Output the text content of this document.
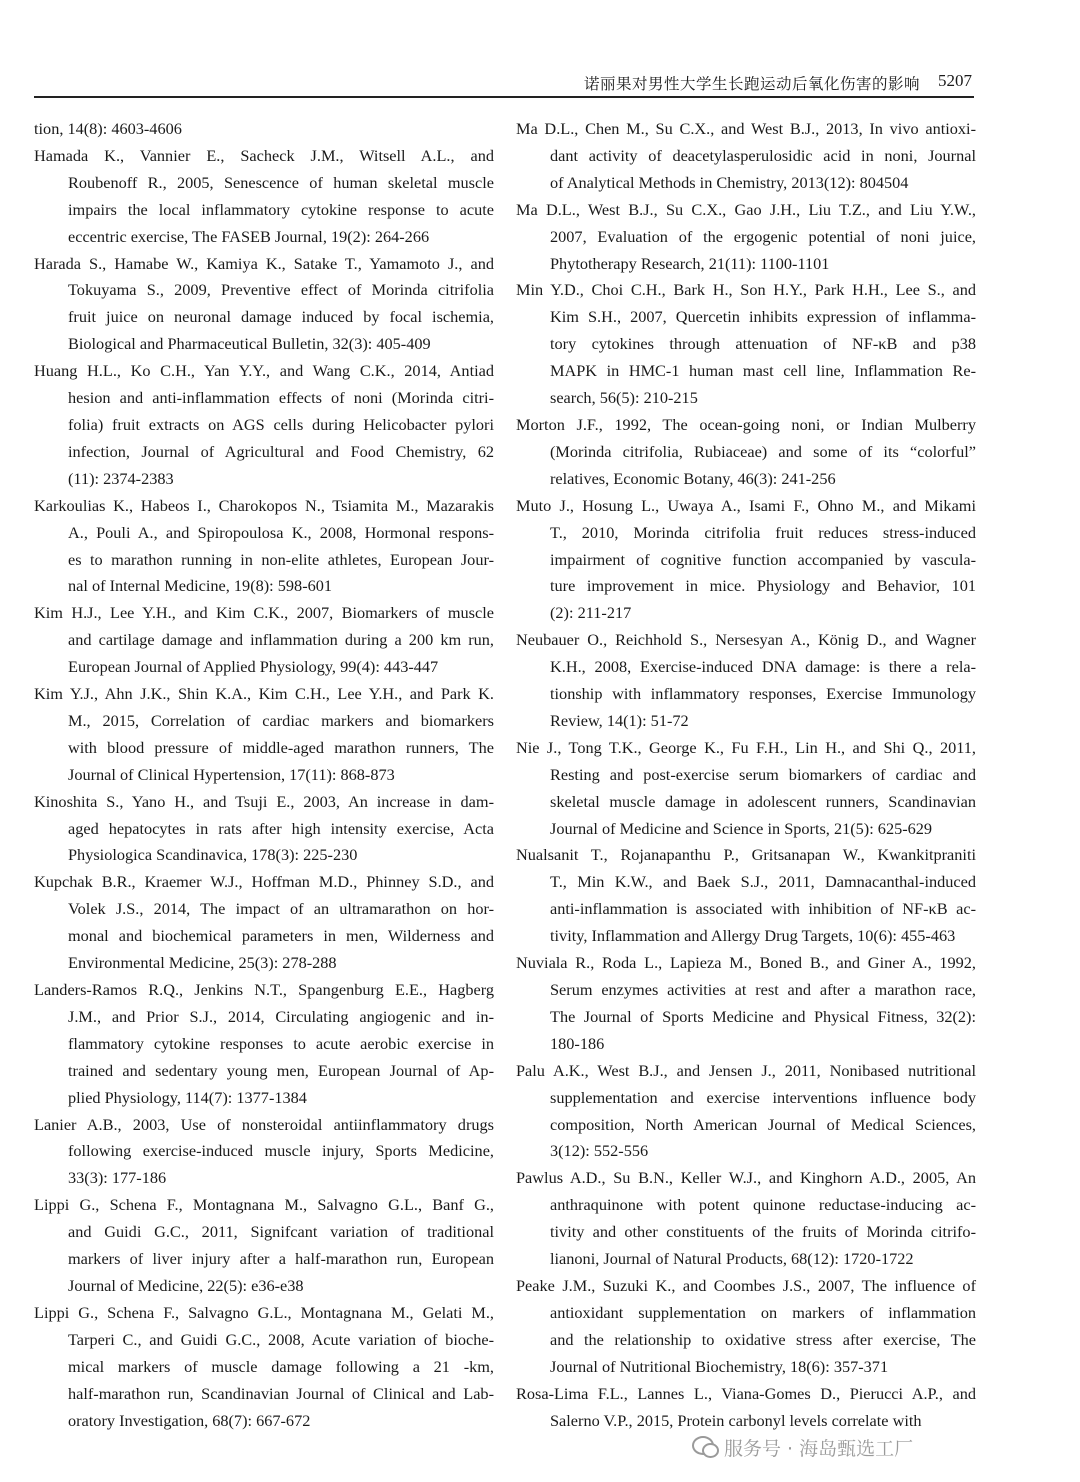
诺丽果对男性大学生长跑运动后氧化伤害的影响 5207
tion, 14(8): 4603-4606
Hamada K., Vannier E., Sacheck J.M., Witsell A.L., and
Roubenoff R., 2005, Senescence of human skeletal muscle
impairs the local inflammatory cytokine response to acute
eccentric exercise, The FASEB Journal, 19(2): 264-266
Harada S., Hamabe W., Kamiya K., Satake T., Yamamoto J., and
Tokuyama S., 2009, Preventive effect of Morinda citrifolia
fruit juice on neuronal damage induced by focal ischemia,
Biological and Pharmaceutical Bulletin, 32(3): 405-409
Huang H.L., Ko C.H., Yan Y.Y., and Wang C.K., 2014, Antiad
hesion and anti-inflammation effects of noni (Morinda citri-
folia) fruit extracts on AGS cells during Helicobacter pylori
infection, Journal of Agricultural and Food Chemistry, 62
(11): 2374-2383
Karkoulias K., Habeos I., Charokopos N., Tsiamita M., Mazarakis
A., Pouli A., and Spiropoulosa K., 2008, Hormonal respons-
es to marathon running in non-elite athletes, European Jour-
nal of Internal Medicine, 19(8): 598-601
Kim H.J., Lee Y.H., and Kim C.K., 2007, Biomarkers of muscle
and cartilage damage and inflammation during a 200 km run,
European Journal of Applied Physiology, 99(4): 443-447
Kim Y.J., Ahn J.K., Shin K.A., Kim C.H., Lee Y.H., and Park K.
M., 2015, Correlation of cardiac markers and biomarkers
with blood pressure of middle-aged marathon runners, The
Journal of Clinical Hypertension, 17(11): 868-873
Kinoshita S., Yano H., and Tsuji E., 2003, An increase in dam-
aged hepatocytes in rats after high intensity exercise, Acta
Physiologica Scandinavica, 178(3): 225-230
Kupchak B.R., Kraemer W.J., Hoffman M.D., Phinney S.D., and
Volek J.S., 2014, The impact of an ultramarathon on hor-
monal and biochemical parameters in men, Wilderness and
Environmental Medicine, 25(3): 278-288
Landers-Ramos R.Q., Jenkins N.T., Spangenburg E.E., Hagberg
J.M., and Prior S.J., 2014, Circulating angiogenic and in-
flammatory cytokine responses to acute aerobic exercise in
trained and sedentary young men, European Journal of Ap-
plied Physiology, 114(7): 1377-1384
Lanier A.B., 2003, Use of nonsteroidal antiinflammatory drugs
following exercise-induced muscle injury, Sports Medicine,
33(3): 177-186
Lippi G., Schena F., Montagnana M., Salvagno G.L., Banf G.,
and Guidi G.C., 2011, Signifcant variation of traditional
markers of liver injury after a half-marathon run, European
Journal of Medicine, 22(5): e36-e38
Lippi G., Schena F., Salvagno G.L., Montagnana M., Gelati M.,
Tarperi C., and Guidi G.C., 2008, Acute variation of bioche-
mical markers of muscle damage following a 21 -km,
half-marathon run, Scandinavian Journal of Clinical and Lab-
oratory Investigation, 68(7): 667-672
Ma D.L., Chen M., Su C.X., and West B.J., 2013, In vivo antioxi-
dant activity of deacetylasperulosidic acid in noni, Journal
of Analytical Methods in Chemistry, 2013(12): 804504
Ma D.L., West B.J., Su C.X., Gao J.H., Liu T.Z., and Liu Y.W.,
2007, Evaluation of the ergogenic potential of noni juice,
Phytotherapy Research, 21(11): 1100-1101
Min Y.D., Choi C.H., Bark H., Son H.Y., Park H.H., Lee S., and
Kim S.H., 2007, Quercetin inhibits expression of inflamma-
tory cytokines through attenuation of NF-κB and p38
MAPK in HMC-1 human mast cell line, Inflammation Re-
search, 56(5): 210-215
Morton J.F., 1992, The ocean-going noni, or Indian Mulberry
(Morinda citrifolia, Rubiaceae) and some of its “colorful”
relatives, Economic Botany, 46(3): 241-256
Muto J., Hosung L., Uwaya A., Isami F., Ohno M., and Mikami
T., 2010, Morinda citrifolia fruit reduces stress-induced
impairment of cognitive function accompanied by vascula-
ture improvement in mice. Physiology and Behavior, 101
(2): 211-217
Neubauer O., Reichhold S., Nersesyan A., König D., and Wagner
K.H., 2008, Exercise-induced DNA damage: is there a rela-
tionship with inflammatory responses, Exercise Immunology
Review, 14(1): 51-72
Nie J., Tong T.K., George K., Fu F.H., Lin H., and Shi Q., 2011,
Resting and post-exercise serum biomarkers of cardiac and
skeletal muscle damage in adolescent runners, Scandinavian
Journal of Medicine and Science in Sports, 21(5): 625-629
Nualsanit T., Rojanapanthu P., Gritsanapan W., Kwankitpraniti
T., Min K.W., and Baek S.J., 2011, Damnacanthal-induced
anti-inflammation is associated with inhibition of NF-κB ac-
tivity, Inflammation and Allergy Drug Targets, 10(6): 455-463
Nuviala R., Roda L., Lapieza M., Boned B., and Giner A., 1992,
Serum enzymes activities at rest and after a marathon race,
The Journal of Sports Medicine and Physical Fitness, 32(2):
180-186
Palu A.K., West B.J., and Jensen J., 2011, Nonibased nutritional
supplementation and exercise interventions influence body
composition, North American Journal of Medical Sciences,
3(12): 552-556
Pawlus A.D., Su B.N., Keller W.J., and Kinghorn A.D., 2005, An
anthraquinone with potent quinone reductase-inducing ac-
tivity and other constituents of the fruits of Morinda citrifo-
lianoni, Journal of Natural Products, 68(12): 1720-1722
Peake J.M., Suzuki K., and Coombes J.S., 2007, The influence of
antioxidant supplementation on markers of inflammation
and the relationship to oxidative stress after exercise, The
Journal of Nutritional Biochemistry, 18(6): 357-371
Rosa-Lima F.L., Lannes L., Viana-Gomes D., Pierucci A.P., and
Salerno V.P., 2015, Protein carbonyl levels correlate with
服务号 · 海岛甄选工厂
